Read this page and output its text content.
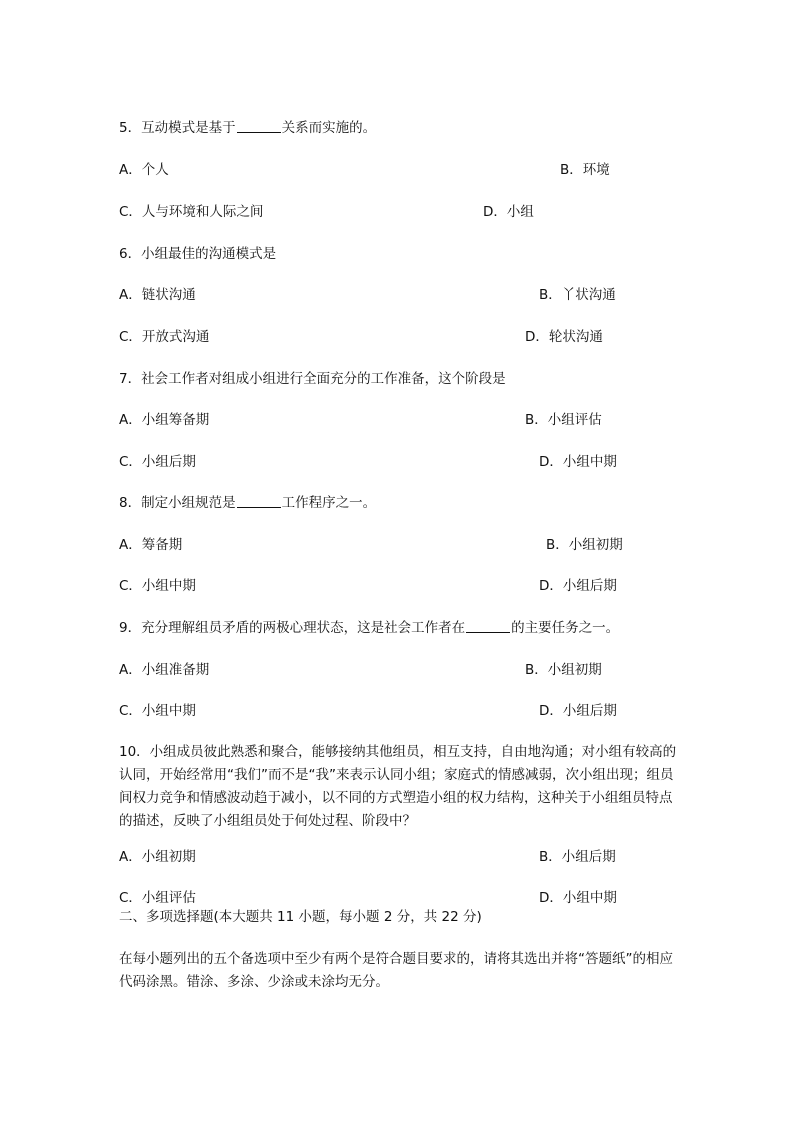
5．互动模式是基于	关系而实施的。
A．个人	B．环境
C．人与环境和人际之间	D．小组
6．小组最佳的沟通模式是
A．链状沟通	B．丫状沟通
C．开放式沟通	D．轮状沟通
7．社会工作者对组成小组进行全面充分的工作准备，这个阶段是
A．小组筹备期	B．小组评估
C．小组后期	D．小组中期
8．制定小组规范是	工作程序之一。
A．筹备期	B．小组初期
C．小组中期	D．小组后期
9．充分理解组员矛盾的两极心理状态，这是社会工作者在	的主要任务之一。
A．小组准备期	B．小组初期
C．小组中期	D．小组后期
10．小组成员彼此熟悉和聚合，能够接纳其他组员，相互支持，自由地沟通；对小组有较高的认同，开始经常用“我们”而不是“我”来表示认同小组；家庭式的情感减弱，次小组出现；组员间权力竞争和情感波动趋于减小，以不同的方式塑造小组的权力结构，这种关于小组组员特点的描述，反映了小组组员处于何处过程、阶段中？
A．小组初期	B．小组后期
C．小组评估	D．小组中期
二、多项选择题(本大题共 11 小题，每小题 2 分，共 22 分)
在每小题列出的五个备选项中至少有两个是符合题目要求的，请将其选出并将“答题纸”的相应代码涂黑。错涂、多涂、少涂或未涂均无分。
